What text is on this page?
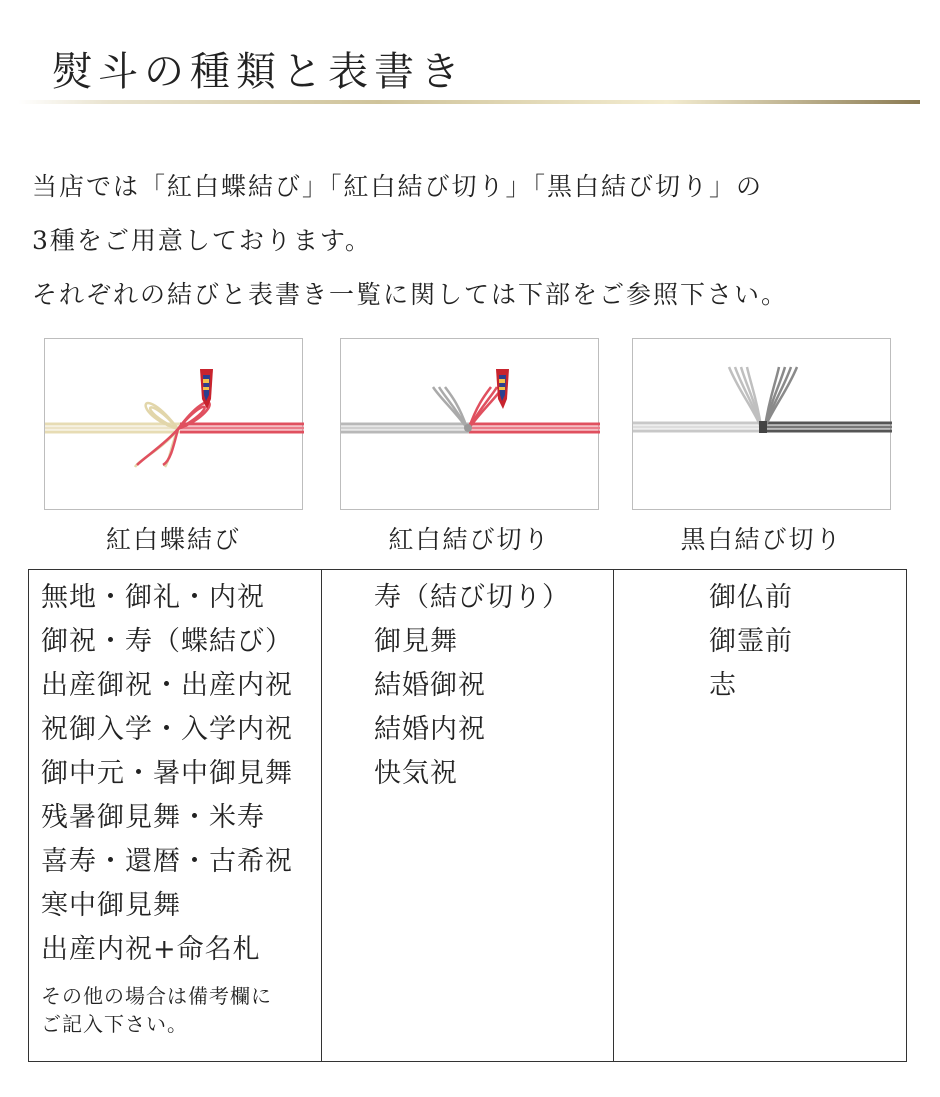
熨斗の種類と表書き
当店では「紅白蝶結び」「紅白結び切り」「黒白結び切り」の
3種をご用意しております。
それぞれの結びと表書き一覧に関しては下部をご参照下さい。
紅白蝶結び	紅白結び切り	黒白結び切り
無地・御礼・内祝
御祝・寿（蝶結び）
出産御祝・出産内祝
祝御入学・入学内祝
御中元・暑中御見舞
残暑御見舞・米寿
喜寿・還暦・古希祝
寒中御見舞
出産内祝+命名札
その他の場合は備考欄に
ご記入下さい。
寿（結び切り）
御見舞
結婚御祝
結婚内祝
快気祝
御仏前
御霊前
志
